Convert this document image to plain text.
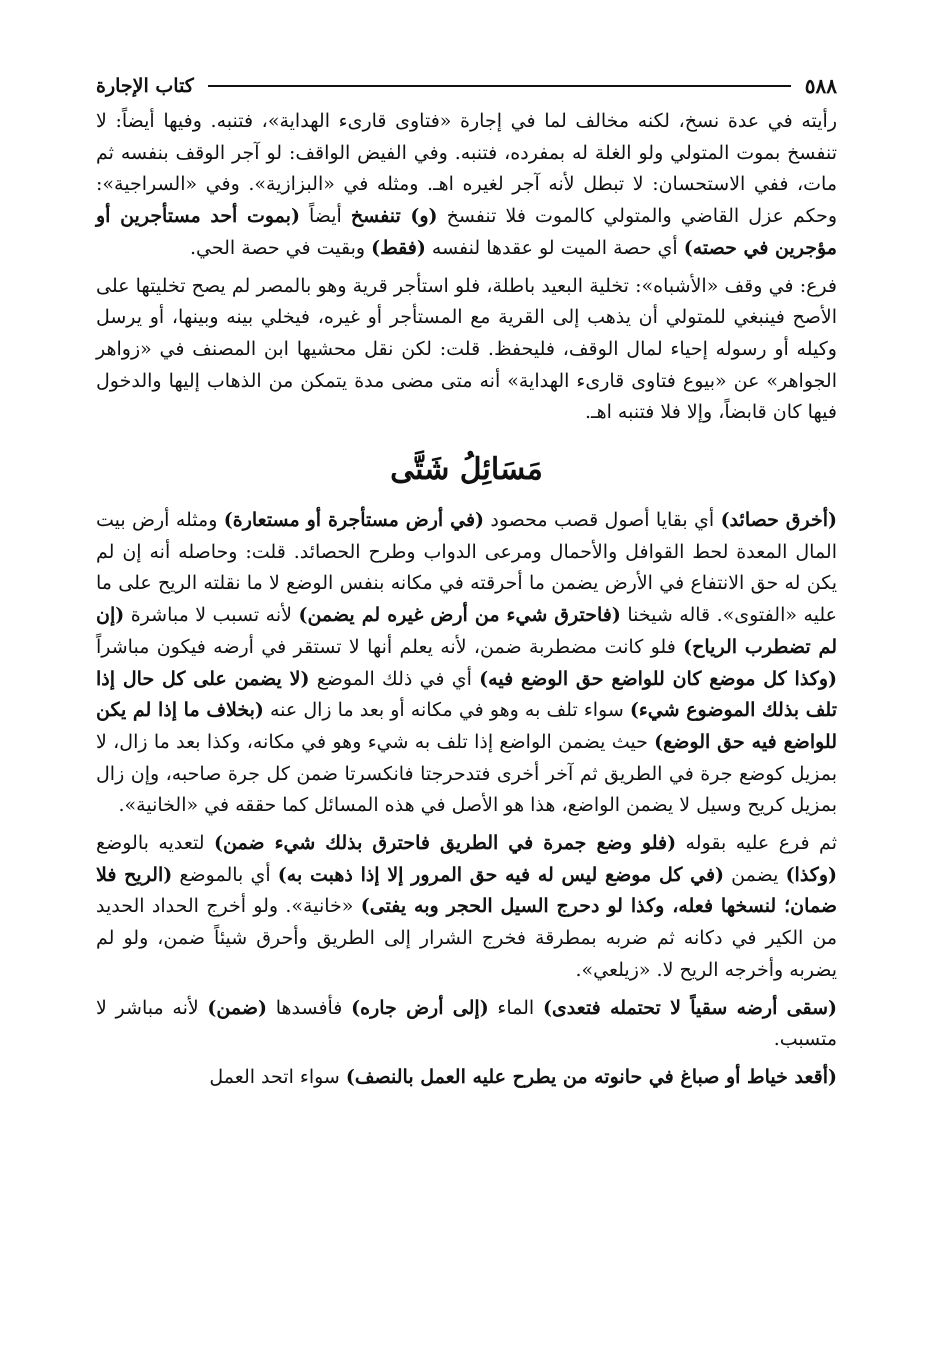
٥٨٨
كتاب الإجارة

رأيته في عدة نسخ، لكنه مخالف لما في إجارة «فتاوى قارىء الهداية»، فتنبه. وفيها أيضاً: لا تنفسخ بموت المتولي ولو الغلة له بمفرده، فتنبه. وفي الفيض الواقف: لو آجر الوقف بنفسه ثم مات، ففي الاستحسان: لا تبطل لأنه آجر لغيره اهـ. ومثله في «البزازية». وفي «السراجية»: وحكم عزل القاضي والمتولي كالموت فلا تنفسخ (و) تنفسخ أيضاً (بموت أحد مستأجرين أو مؤجرين في حصته) أي حصة الميت لو عقدها لنفسه (فقط) وبقيت في حصة الحي.

فرع: في وقف «الأشباه»: تخلية البعيد باطلة، فلو استأجر قرية وهو بالمصر لم يصح تخليتها على الأصح فينبغي للمتولي أن يذهب إلى القرية مع المستأجر أو غيره، فيخلي بينه وبينها، أو يرسل وكيله أو رسوله إحياء لمال الوقف، فليحفظ. قلت: لكن نقل محشيها ابن المصنف في «زواهر الجواهر» عن «بيوع فتاوى قارىء الهداية» أنه متى مضى مدة يتمكن من الذهاب إليها والدخول فيها كان قابضاً، وإلا فلا فتنبه اهـ.

مَسَائِلُ شَتَّى

(أخرق حصائد) أي بقايا أصول قصب محصود (في أرض مستأجرة أو مستعارة) ومثله أرض بيت المال المعدة لحط القوافل والأحمال ومرعى الدواب وطرح الحصائد. قلت: وحاصله أنه إن لم يكن له حق الانتفاع في الأرض يضمن ما أحرقته في مكانه بنفس الوضع لا ما نقلته الريح على ما عليه «الفتوى». قاله شيخنا (فاحترق شيء من أرض غيره لم يضمن) لأنه تسبب لا مباشرة (إن لم تضطرب الرياح) فلو كانت مضطربة ضمن، لأنه يعلم أنها لا تستقر في أرضه فيكون مباشراً (وكذا كل موضع كان للواضع حق الوضع فيه) أي في ذلك الموضع (لا يضمن على كل حال إذا تلف بذلك الموضوع شيء) سواء تلف به وهو في مكانه أو بعد ما زال عنه (بخلاف ما إذا لم يكن للواضع فيه حق الوضع) حيث يضمن الواضع إذا تلف به شيء وهو في مكانه، وكذا بعد ما زال، لا بمزيل كوضع جرة في الطريق ثم آخر أخرى فتدحرجتا فانكسرتا ضمن كل جرة صاحبه، وإن زال بمزيل كريح وسيل لا يضمن الواضع، هذا هو الأصل في هذه المسائل كما حققه في «الخانية».

ثم فرع عليه بقوله (فلو وضع جمرة في الطريق فاحترق بذلك شيء ضمن) لتعديه بالوضع (وكذا) يضمن (في كل موضع ليس له فيه حق المرور إلا إذا ذهبت به) أي بالموضع (الريح فلا ضمان؛ لنسخها فعله، وكذا لو دحرج السيل الحجر وبه يفتى) «خانية». ولو أخرج الحداد الحديد من الكير في دكانه ثم ضربه بمطرقة فخرج الشرار إلى الطريق وأحرق شيئاً ضمن، ولو لم يضربه وأخرجه الريح لا. «زيلعي».

(سقى أرضه سقياً لا تحتمله فتعدى) الماء (إلى أرض جاره) فأفسدها (ضمن) لأنه مباشر لا متسبب.

(أقعد خياط أو صباغ في حانوته من يطرح عليه العمل بالنصف) سواء اتحد العمل
